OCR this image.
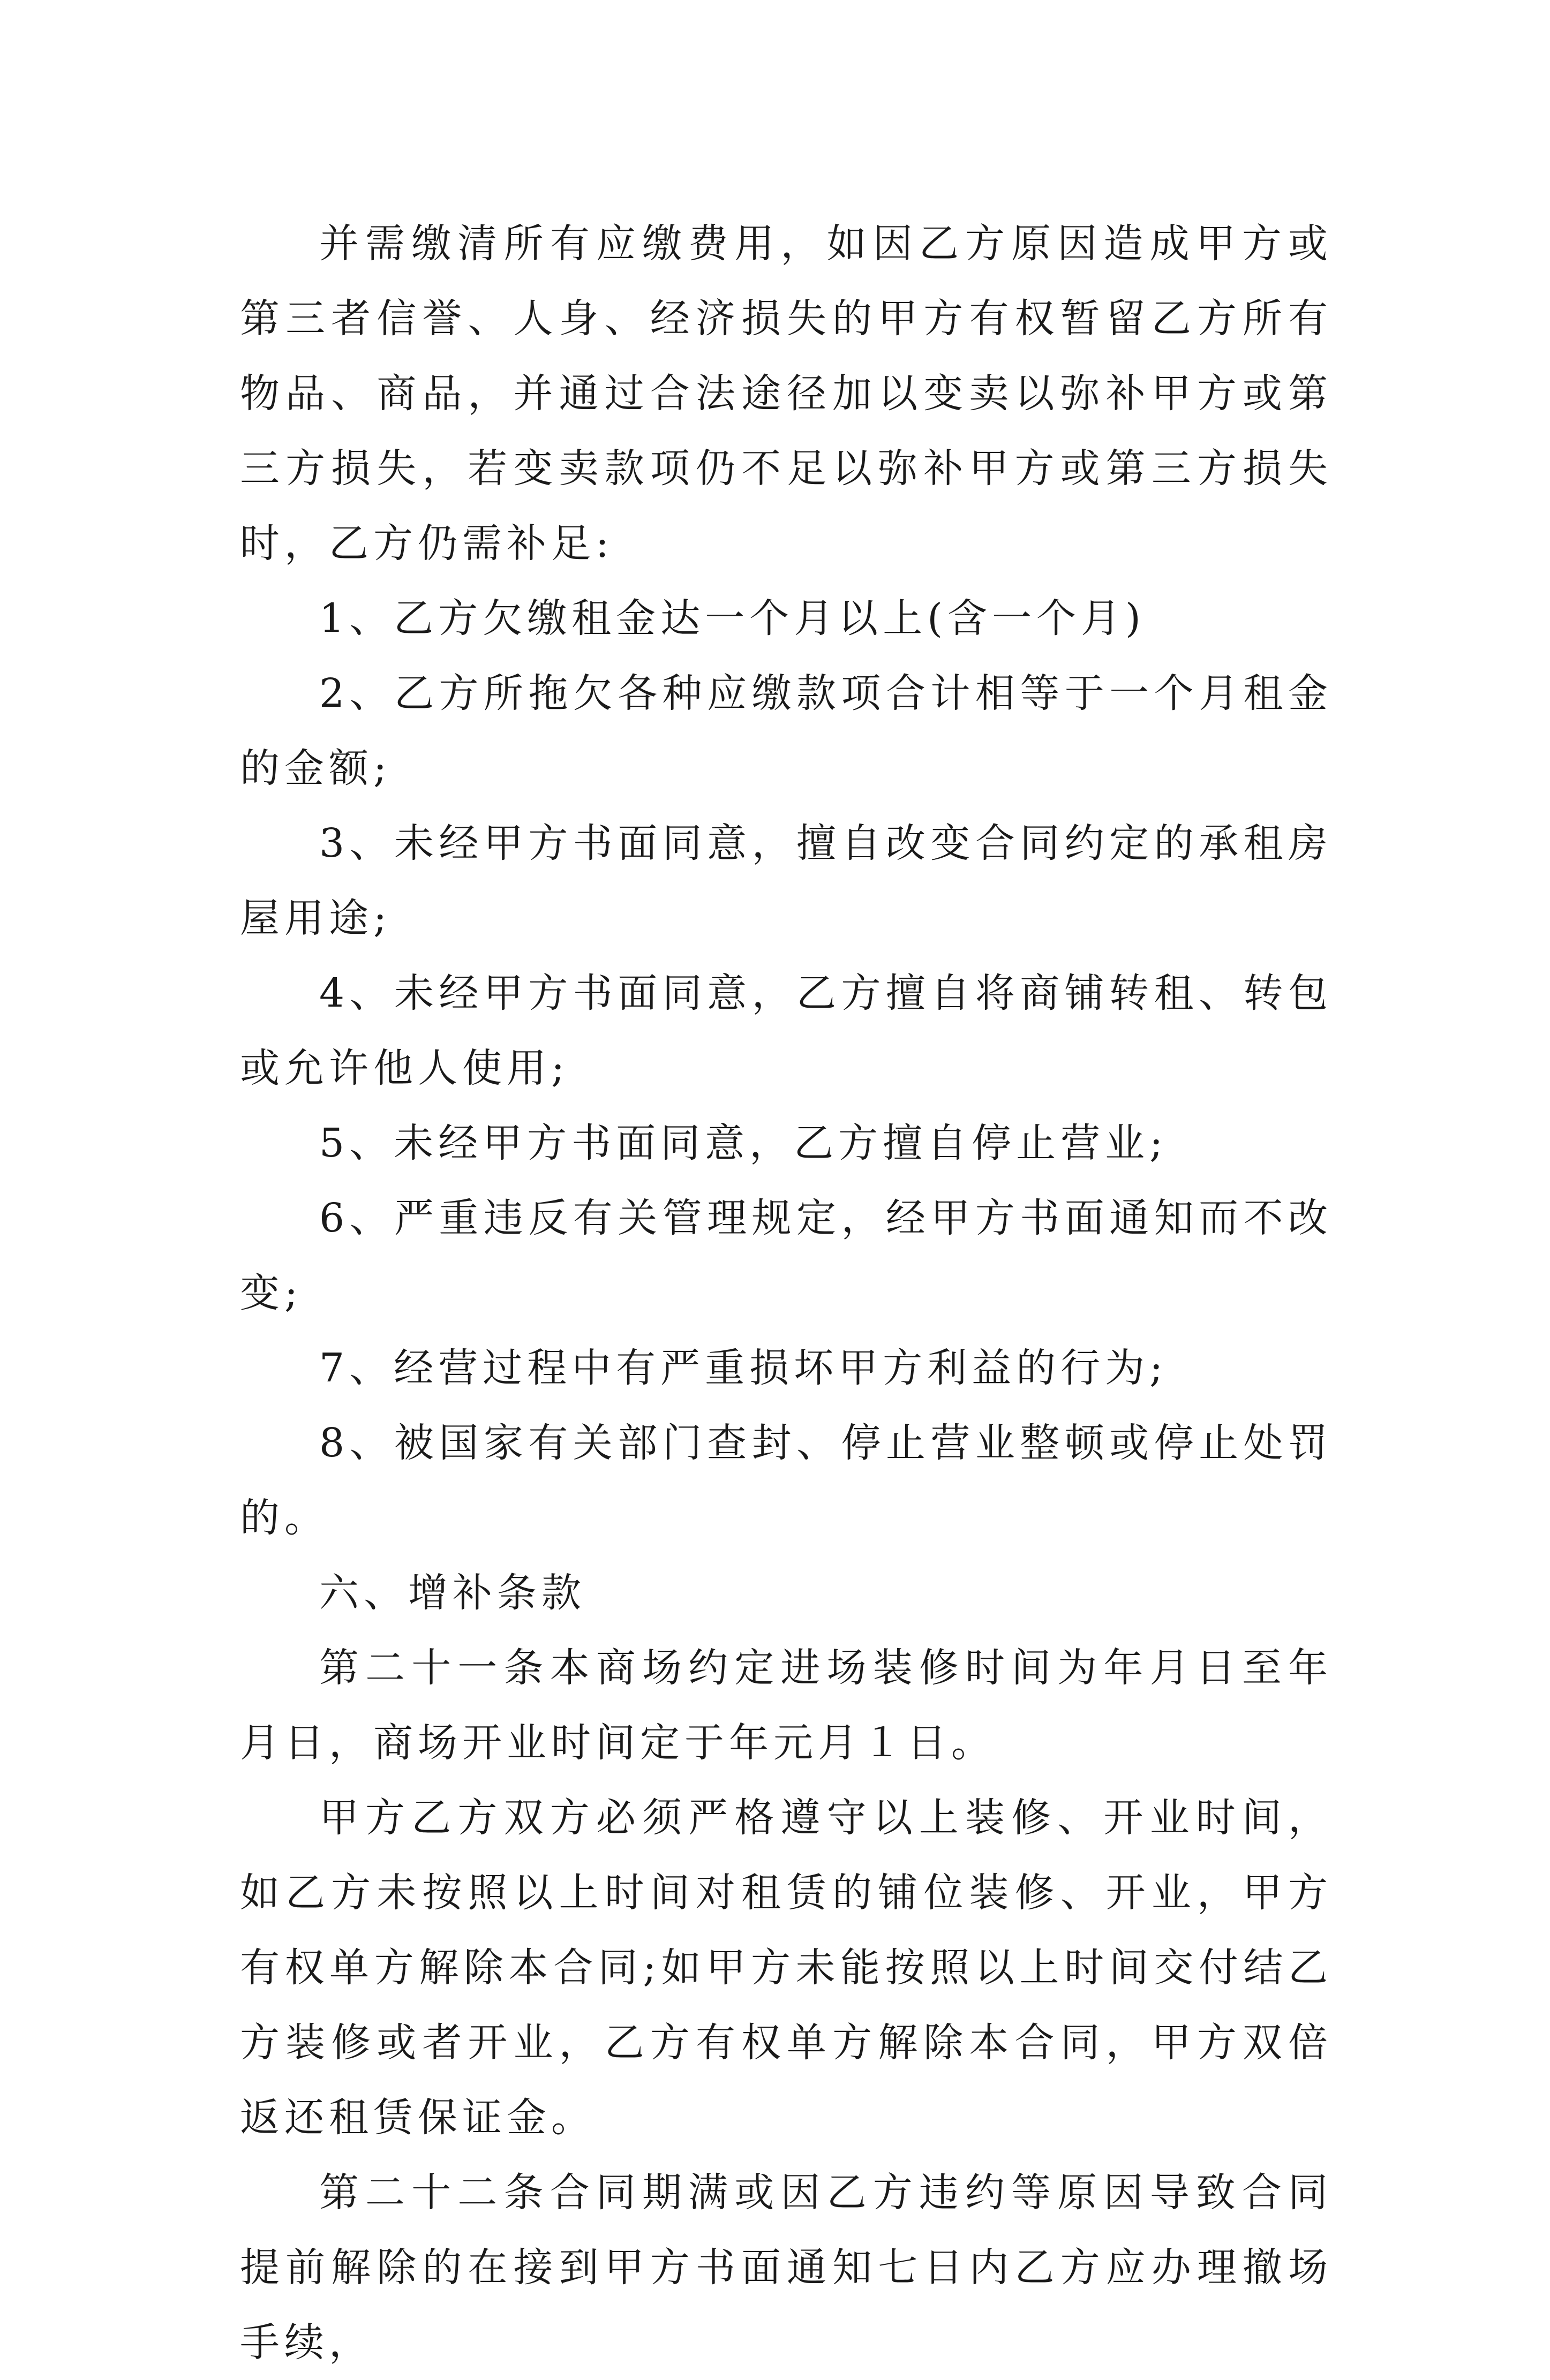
并需缴清所有应缴费用，如因乙方原因造成甲方或第三者信誉、人身、经济损失的甲方有权暂留乙方所有物品、商品，并通过合法途径加以变卖以弥补甲方或第三方损失，若变卖款项仍不足以弥补甲方或第三方损失时，乙方仍需补足:

1、乙方欠缴租金达一个月以上(含一个月)

2、乙方所拖欠各种应缴款项合计相等于一个月租金的金额;

3、未经甲方书面同意，擅自改变合同约定的承租房屋用途;

4、未经甲方书面同意，乙方擅自将商铺转租、转包或允许他人使用;

5、未经甲方书面同意，乙方擅自停止营业;

6、严重违反有关管理规定，经甲方书面通知而不改变;

7、经营过程中有严重损坏甲方利益的行为;

8、被国家有关部门查封、停止营业整顿或停止处罚的。

六、增补条款

第二十一条本商场约定进场装修时间为年月日至年月日，商场开业时间定于年元月１日。

甲方乙方双方必须严格遵守以上装修、开业时间，如乙方未按照以上时间对租赁的铺位装修、开业，甲方有权单方解除本合同;如甲方未能按照以上时间交付结乙方装修或者开业，乙方有权单方解除本合同，甲方双倍返还租赁保证金。

第二十二条合同期满或因乙方违约等原因导致合同提前解除的在接到甲方书面通知七日内乙方应办理撤场手续，
